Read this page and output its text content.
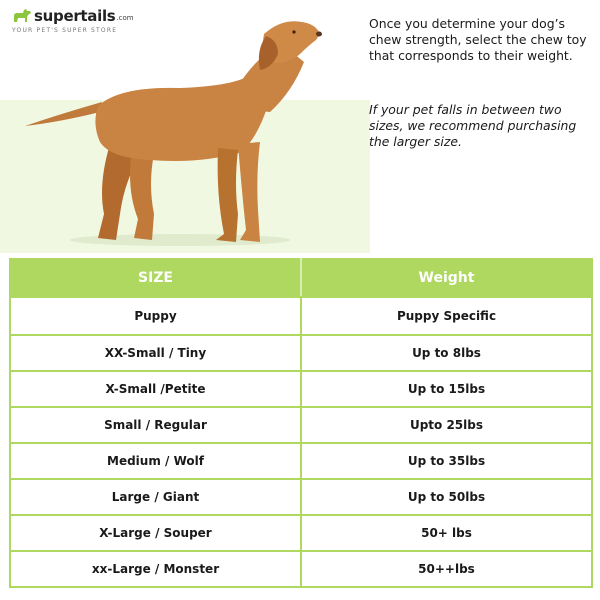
supertails .com
YOUR PET'S SUPER STORE	Once you determine your dog’s chew strength, select the chew toy that corresponds to their weight.
If your pet falls in between two sizes, we recommend purchasing the larger size.
SIZE	Weight
Puppy	Puppy Specific
XX-Small / Tiny	Up to 8lbs
X-Small /Petite	Up to 15lbs
Small / Regular	Upto 25lbs
Medium / Wolf	Up to 35lbs
Large / Giant	Up to 50lbs
X-Large / Souper	50+ lbs
xx-Large / Monster	50++lbs
